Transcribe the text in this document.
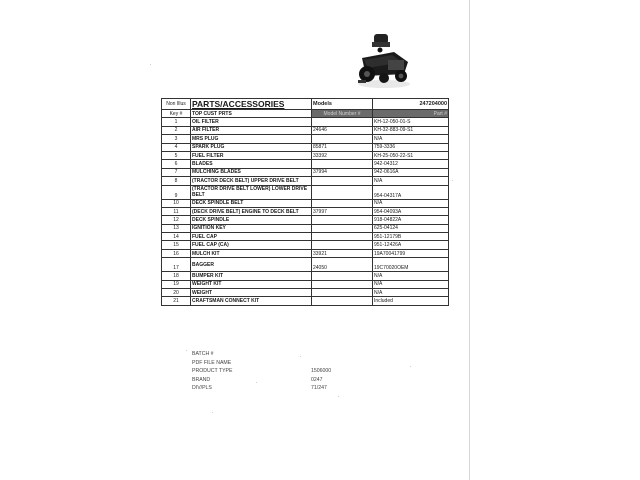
Non Illus	PARTS/ACCESSORIES	Models	247204000
Key #	TOP CUST PRTS	Model Number #	Part #
1	OIL FILTER		KH-12-050-01-S
2	AIR FILTER	24646	KH-32-883-09-S1
3	MRS PLUG		N/A
4	SPARK PLUG	85871	759-3336
5	FUEL FILTER	33392	KH-25-050-22-S1
6	BLADES		942-04312
7	MULCHING BLADES	37994	942-0616A
8	(TRACTOR DECK BELT) UPPER DRIVE BELT		N/A
9	(TRACTOR DRIVE BELT LOWER) LOWER DRIVE BELT		954-04317A
10	DECK SPINDLE BELT		N/A
11	(DECK DRIVE BELT) ENGINE TO DECK BELT	37997	954-04093A
12	DECK SPINDLE		918-04822A
13	IGNITION KEY		625-04124
14	FUEL CAP		951-12179B
15	FUEL CAP (CA)		951-12426A
16	MULCH KIT	33921	19A70041799
17	BAGGER	24050	19C70020OEM
18	BUMPER KIT		N/A
19	WEIGHT KIT		N/A
20	WEIGHT		N/A
21	CRAFTSMAN CONNECT KIT		Included
BATCH #
PDF FILE NAME
PRODUCT TYPE	1506000
BRAND	0247
DIV/PLS	71/247
